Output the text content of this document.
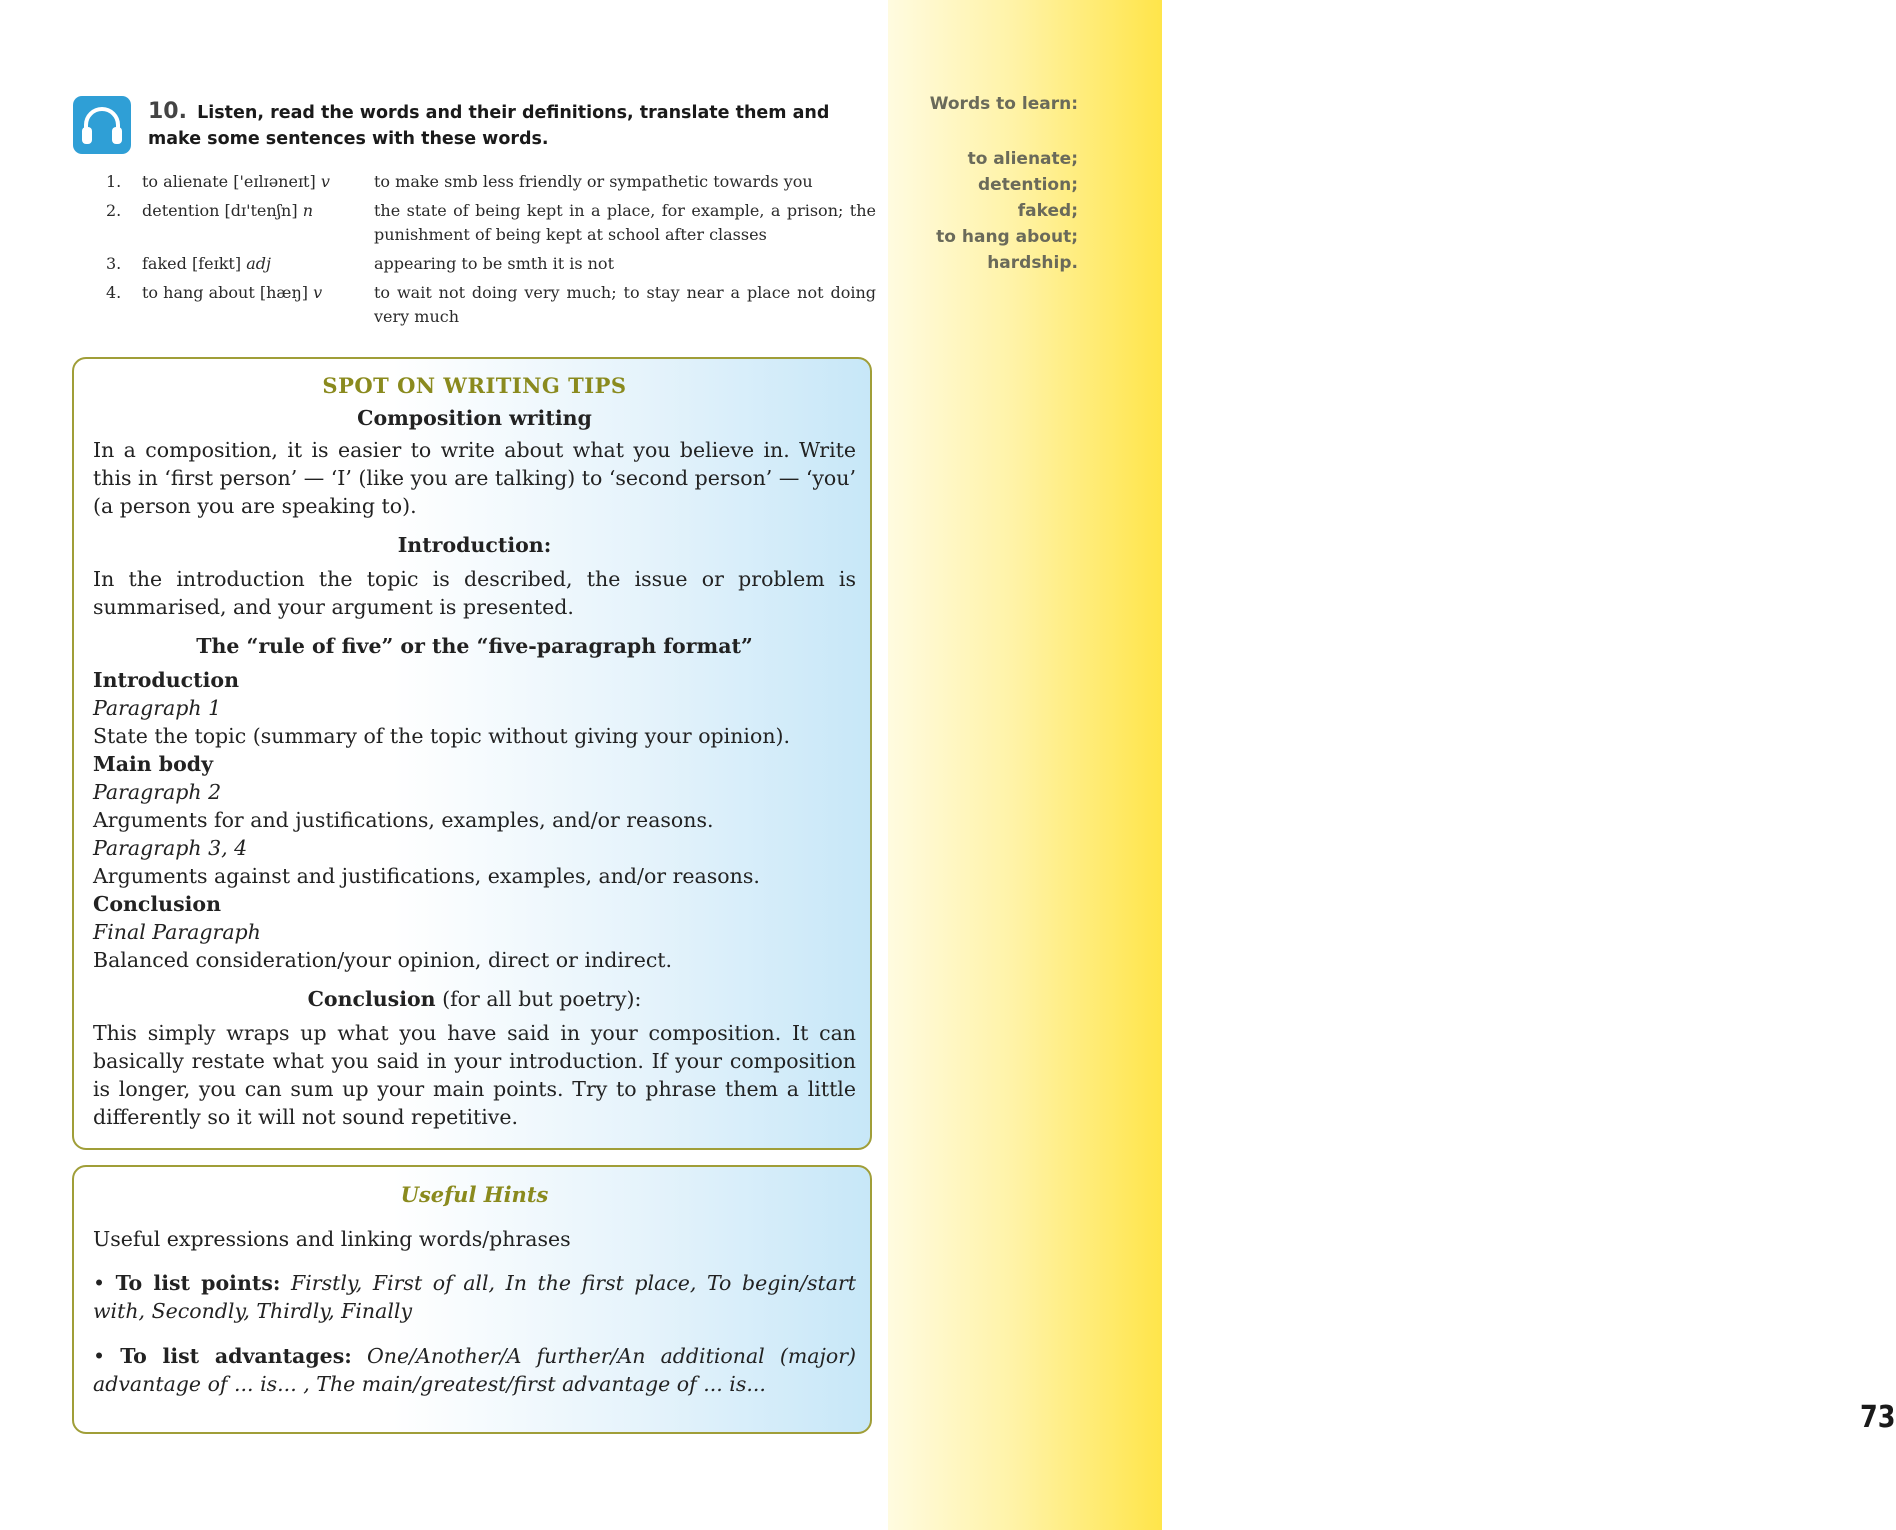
Words to learn:
to alienate;
detention;
faked;
to hang about;
hardship.
73
10. Listen, read the words and their definitions, translate them and make some sentences with these words.
1.	to alienate ['eɪlɪəneɪt] v	to make smb less friendly or sympathetic towards you
2.	detention [dɪ'tenʃn] n	the state of being kept in a place, for example, a prison; the punishment of being kept at school after classes
3.	faked [feɪkt] adj	appearing to be smth it is not
4.	to hang about [hæŋ] v	to wait not doing very much; to stay near a place not doing very much

SPOT ON WRITING TIPS

Composition writing

In a composition, it is easier to write about what you believe in. Write this in ‘first person’ — ‘I’ (like you are talking) to ‘second person’ — ‘you’ (a person you are speaking to).

Introduction:

In the introduction the topic is described, the issue or problem is summarised, and your argument is presented.

The “rule of five” or the “five-paragraph format”

Introduction

Paragraph 1

State the topic (summary of the topic without giving your opinion).

Main body

Paragraph 2

Arguments for and justifications, examples, and/or reasons.

Paragraph 3, 4

Arguments against and justifications, examples, and/or reasons.

Conclusion

Final Paragraph

Balanced consideration/your opinion, direct or indirect.

Conclusion (for all but poetry):

This simply wraps up what you have said in your composition. It can basically restate what you said in your introduction. If your composition is longer, you can sum up your main points. Try to phrase them a little differently so it will not sound repetitive.

Useful Hints

Useful expressions and linking words/phrases

• To list points: Firstly, First of all, In the first place, To begin/start with, Secondly, Thirdly, Finally

• To list advantages: One/Another/A further/An additional (major) advantage of ... is... , The main/greatest/first advantage of ... is...
